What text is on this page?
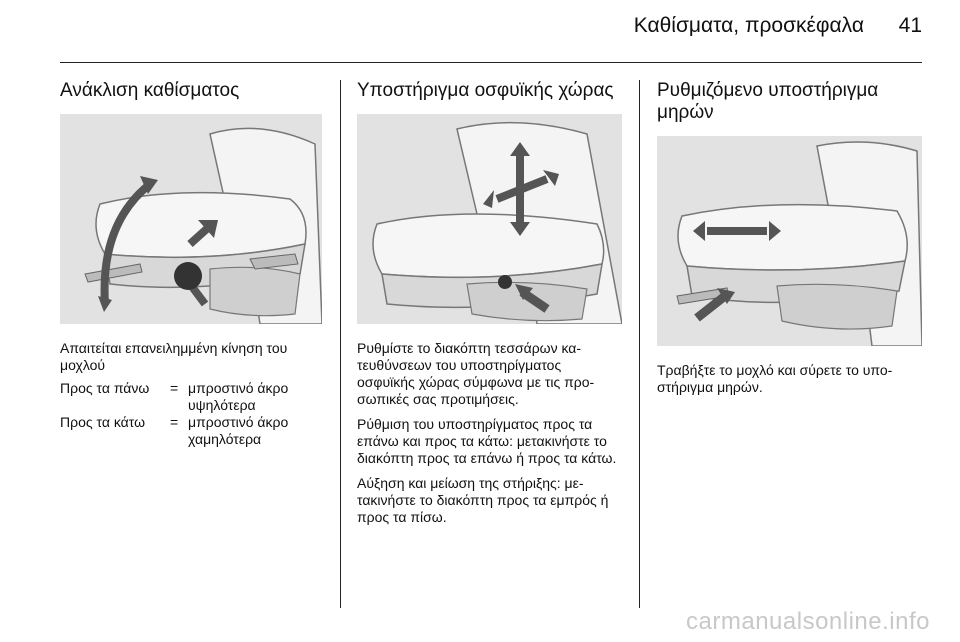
Καθίσματα, προσκέφαλα 41
Ανάκλιση καθίσματος

Απαιτείται επανειλημμένη κίνηση του μοχλού

Προς τα πάνω	= μπροστινό άκρο υψηλότερα
Προς τα κάτω	= μπροστινό άκρο χαμηλότερα
Υποστήριγμα οσφυϊκής χώρας

Ρυθμίστε το διακόπτη τεσσάρων κα-τευθύνσεων του υποστηρίγματος οσφυϊκής χώρας σύμφωνα με τις προ-σωπικές σας προτιμήσεις.

Ρύθμιση του υποστηρίγματος προς τα επάνω και προς τα κάτω: μετακινήστε το διακόπτη προς τα επάνω ή προς τα κάτω.

Αύξηση και μείωση της στήριξης: με-τακινήστε το διακόπτη προς τα εμπρός ή προς τα πίσω.

Ρυθμιζόμενο υποστήριγμα μηρών

Τραβήξτε το μοχλό και σύρετε το υπο-στήριγμα μηρών.

carmanualsonline.info
